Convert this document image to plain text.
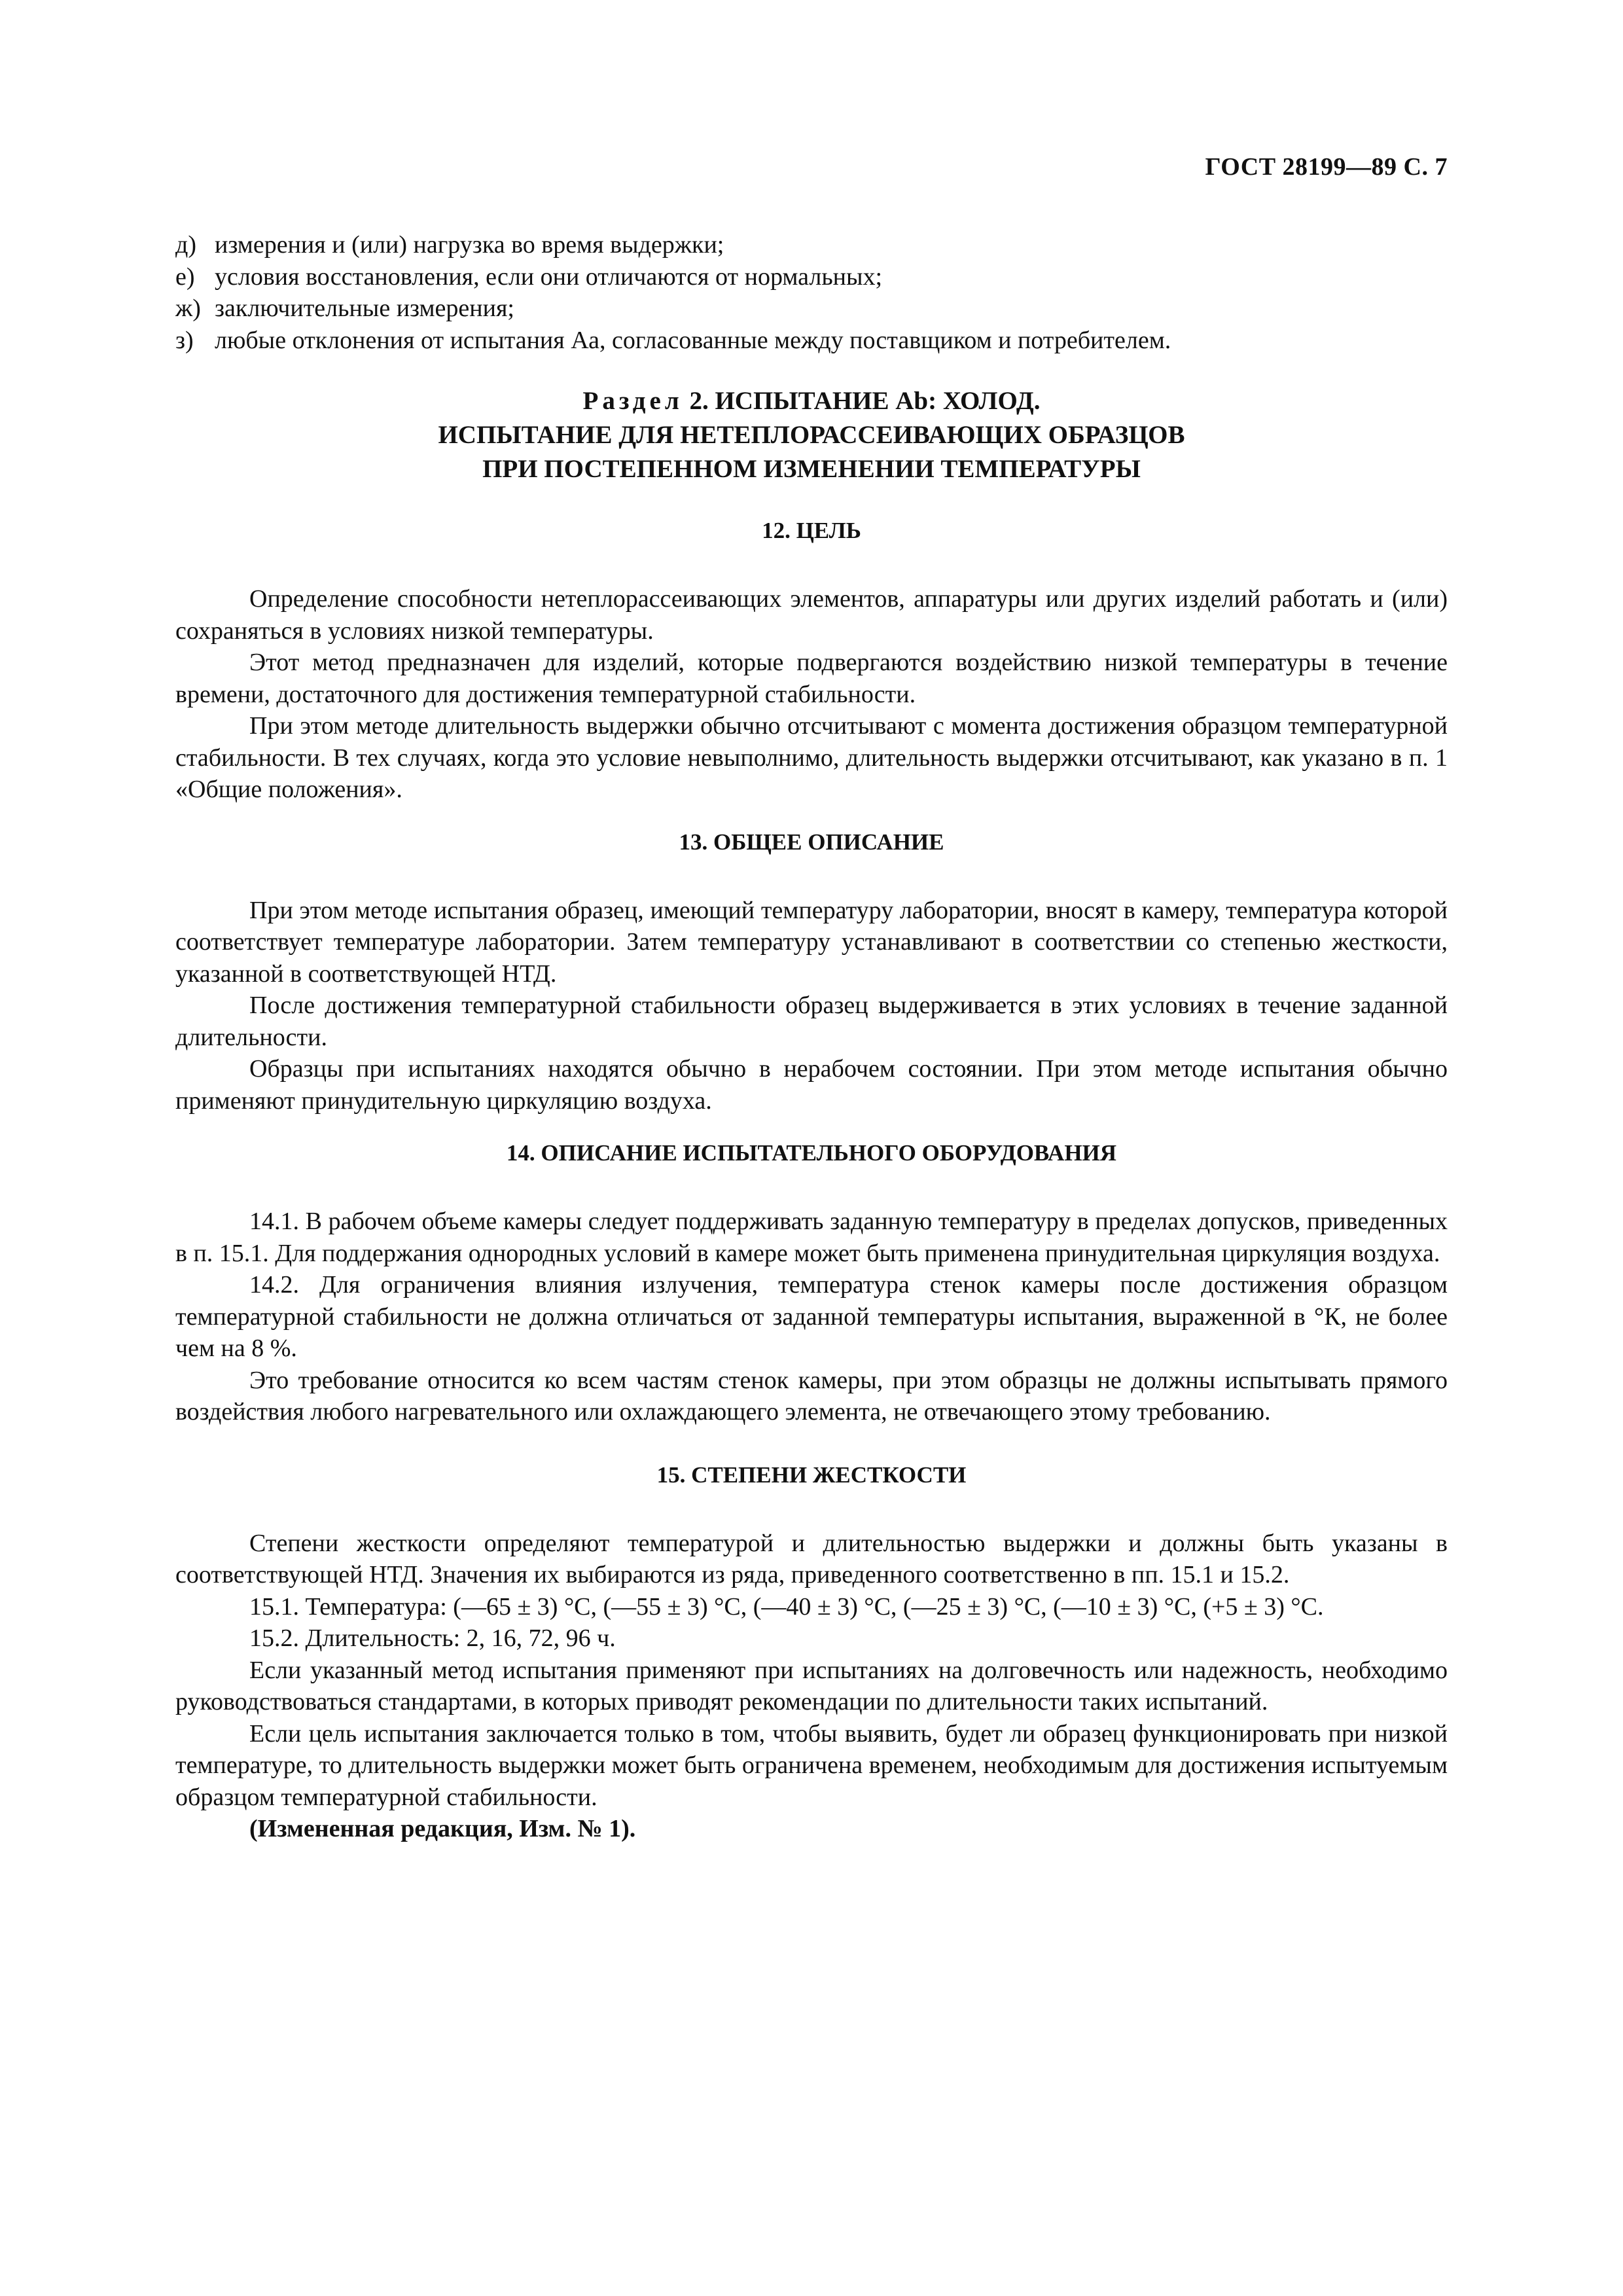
ГОСТ 28199—89 С. 7

д) измерения и (или) нагрузка во время выдержки;

е) условия восстановления, если они отличаются от нормальных;

ж) заключительные измерения;

з) любые отклонения от испытания Аа, согласованные между поставщиком и потребителем.

Раздел 2. ИСПЫТАНИЕ Ab: ХОЛОД.
ИСПЫТАНИЕ ДЛЯ НЕТЕПЛОРАССЕИВАЮЩИХ ОБРАЗЦОВ
ПРИ ПОСТЕПЕННОМ ИЗМЕНЕНИИ ТЕМПЕРАТУРЫ
12. ЦЕЛЬ

Определение способности нетеплорассеивающих элементов, аппаратуры или других изделий работать и (или) сохраняться в условиях низкой температуры.

Этот метод предназначен для изделий, которые подвергаются воздействию низкой температуры в течение времени, достаточного для достижения температурной стабильности.

При этом методе длительность выдержки обычно отсчитывают с момента достижения образцом температурной стабильности. В тех случаях, когда это условие невыполнимо, длительность выдержки отсчитывают, как указано в п. 1 «Общие положения».

13. ОБЩЕЕ ОПИСАНИЕ

При этом методе испытания образец, имеющий температуру лаборатории, вносят в камеру, температура которой соответствует температуре лаборатории. Затем температуру устанавливают в соответствии со степенью жесткости, указанной в соответствующей НТД.

После достижения температурной стабильности образец выдерживается в этих условиях в течение заданной длительности.

Образцы при испытаниях находятся обычно в нерабочем состоянии. При этом методе испытания обычно применяют принудительную циркуляцию воздуха.

14. ОПИСАНИЕ ИСПЫТАТЕЛЬНОГО ОБОРУДОВАНИЯ

14.1. В рабочем объеме камеры следует поддерживать заданную температуру в пределах допусков, приведенных в п. 15.1. Для поддержания однородных условий в камере может быть применена принудительная циркуляция воздуха.

14.2. Для ограничения влияния излучения, температура стенок камеры после достижения образцом температурной стабильности не должна отличаться от заданной температуры испытания, выраженной в °К, не более чем на 8 %.

Это требование относится ко всем частям стенок камеры, при этом образцы не должны испытывать прямого воздействия любого нагревательного или охлаждающего элемента, не отвечающего этому требованию.

15. СТЕПЕНИ ЖЕСТКОСТИ

Степени жесткости определяют температурой и длительностью выдержки и должны быть указаны в соответствующей НТД. Значения их выбираются из ряда, приведенного соответственно в пп. 15.1 и 15.2.

15.1. Температура: (—65 ± 3) °С, (—55 ± 3) °С, (—40 ± 3) °С, (—25 ± 3) °С, (—10 ± 3) °С, (+5 ± 3) °С.

15.2. Длительность: 2, 16, 72, 96 ч.

Если указанный метод испытания применяют при испытаниях на долговечность или надежность, необходимо руководствоваться стандартами, в которых приводят рекомендации по длительности таких испытаний.

Если цель испытания заключается только в том, чтобы выявить, будет ли образец функционировать при низкой температуре, то длительность выдержки может быть ограничена временем, необходимым для достижения испытуемым образцом температурной стабильности.

(Измененная редакция, Изм. № 1).
